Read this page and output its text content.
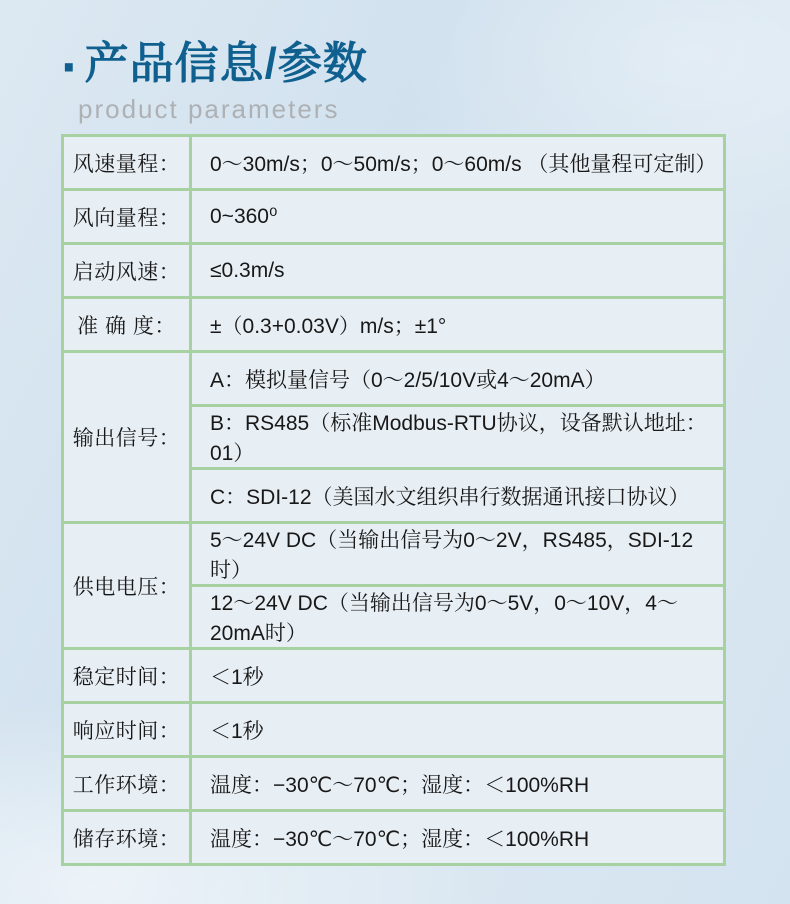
· 产品信息/参数
product parameters
风速量程：	0～30m/s；0～50m/s；0～60m/s （其他量程可定制）
风向量程：	0~360⁰
启动风速：	≤0.3m/s
准 确 度：	±（0.3+0.03V）m/s；±1°
输出信号：	A：模拟量信号（0～2/5/10V或4～20mA）
	B：RS485（标准Modbus-RTU协议，设备默认地址：01）
	C：SDI-12（美国水文组织串行数据通讯接口协议）
供电电压：	5～24V DC（当输出信号为0～2V，RS485，SDI-12时）
	12～24V DC（当输出信号为0～5V，0～10V，4～20mA时）
稳定时间：	＜1秒
响应时间：	＜1秒
工作环境：	温度：−30℃～70℃；湿度：＜100%RH
储存环境：	温度：−30℃～70℃；湿度：＜100%RH
